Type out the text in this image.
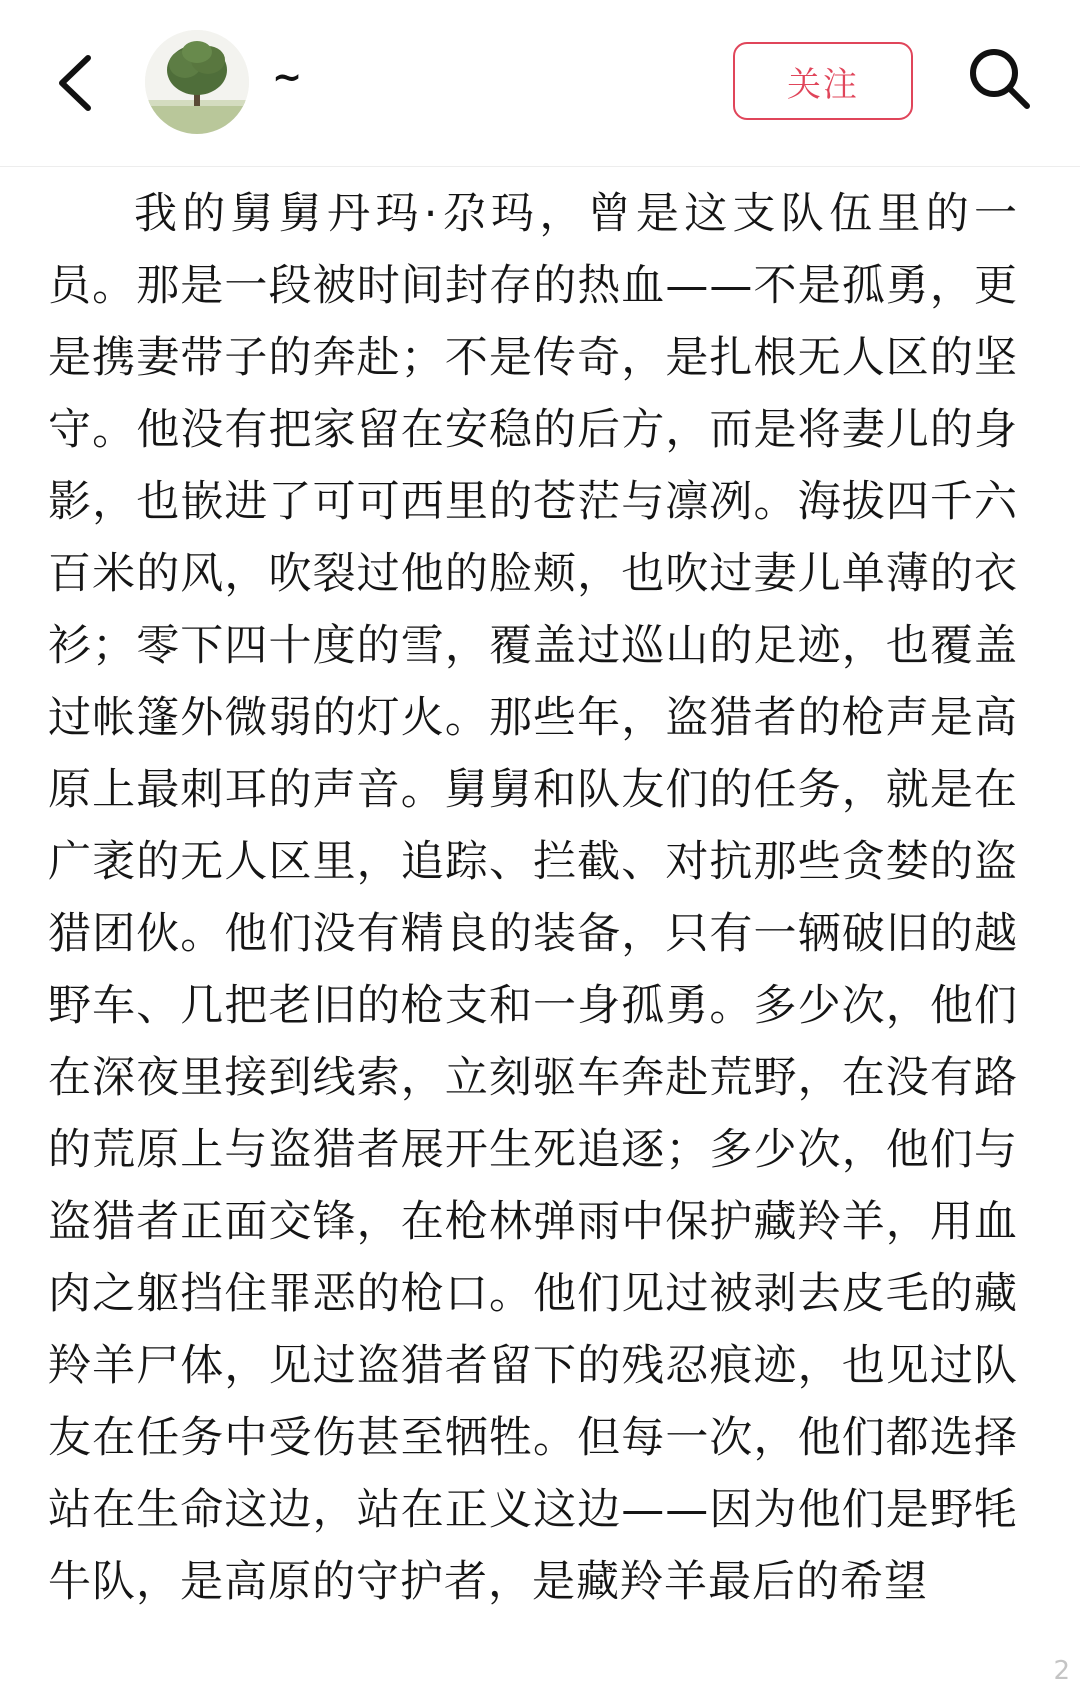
~	关注
我的舅舅丹玛·尕玛，曾是这支队伍里的一员。那是一段被时间封存的热血——不是孤勇，更是携妻带子的奔赴；不是传奇，是扎根无人区的坚守。他没有把家留在安稳的后方，而是将妻儿的身影，也嵌进了可可西里的苍茫与凛冽。海拔四千六百米的风，吹裂过他的脸颊，也吹过妻儿单薄的衣衫；零下四十度的雪，覆盖过巡山的足迹，也覆盖过帐篷外微弱的灯火。那些年，盗猎者的枪声是高原上最刺耳的声音。舅舅和队友们的任务，就是在广袤的无人区里，追踪、拦截、对抗那些贪婪的盗猎团伙。他们没有精良的装备，只有一辆破旧的越野车、几把老旧的枪支和一身孤勇。多少次，他们在深夜里接到线索，立刻驱车奔赴荒野，在没有路的荒原上与盗猎者展开生死追逐；多少次，他们与盗猎者正面交锋，在枪林弹雨中保护藏羚羊，用血肉之躯挡住罪恶的枪口。他们见过被剥去皮毛的藏羚羊尸体，见过盗猎者留下的残忍痕迹，也见过队友在任务中受伤甚至牺牲。但每一次，他们都选择站在生命这边，站在正义这边——因为他们是野牦牛队，是高原的守护者，是藏羚羊最后的希望
2
